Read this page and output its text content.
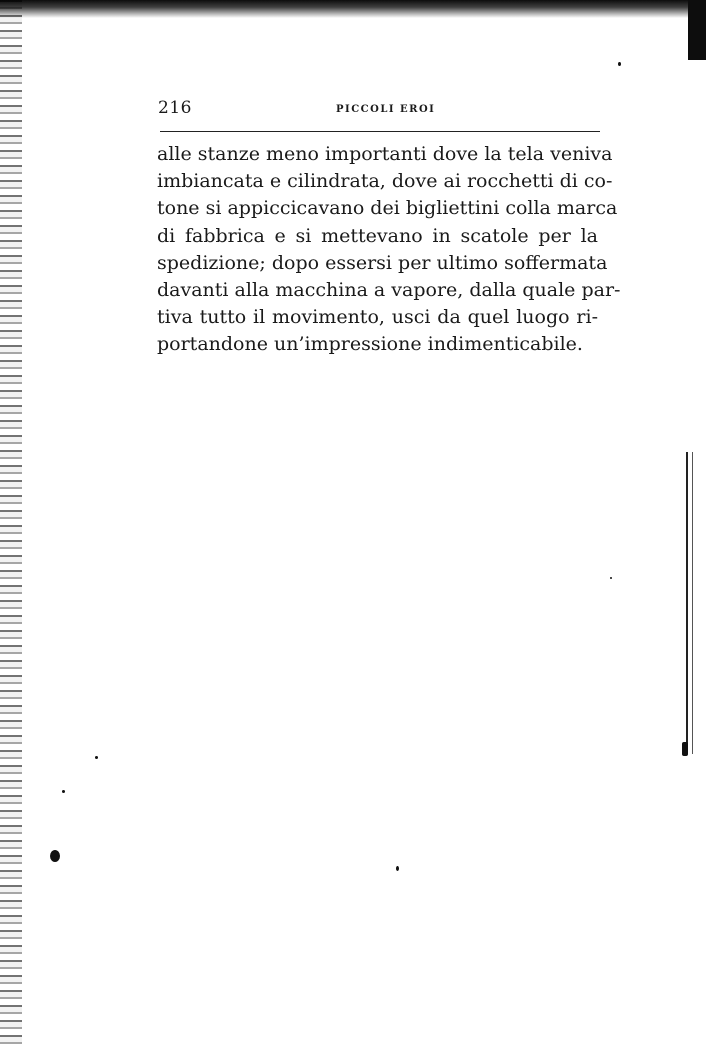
216	PICCOLI EROI
alle stanze meno importanti dove la tela veniva
imbiancata e cilindrata, dove ai rocchetti di co-
tone si appiccicavano dei bigliettini colla marca
di fabbrica e si mettevano in scatole per la
spedizione; dopo essersi per ultimo soffermata
davanti alla macchina a vapore, dalla quale par-
tiva tutto il movimento, usci da quel luogo ri-
portandone un’impressione indimenticabile.
